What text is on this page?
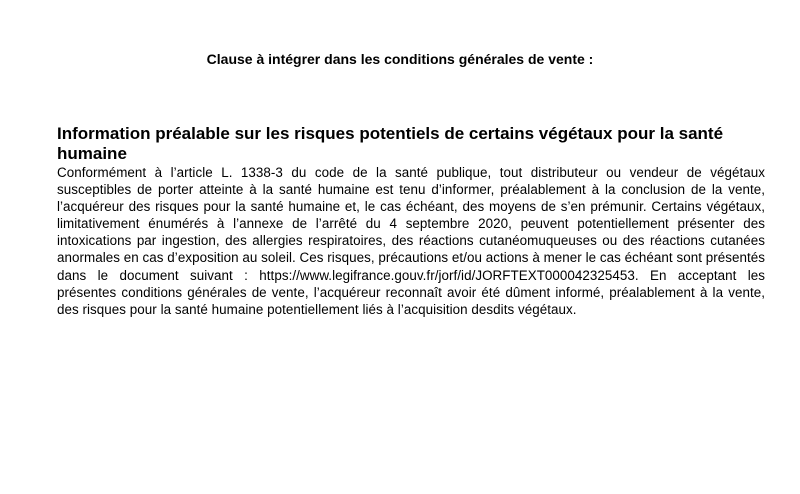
Clause à intégrer dans les conditions générales de vente :
Information préalable sur les risques potentiels de certains végétaux pour la santé humaine

Conformément à l’article L. 1338-3 du code de la santé publique, tout distributeur ou vendeur de végétaux susceptibles de porter atteinte à la santé humaine est tenu d’informer, préalablement à la conclusion de la vente, l’acquéreur des risques pour la santé humaine et, le cas échéant, des moyens de s’en prémunir. Certains végétaux, limitativement énumérés à l’annexe de l’arrêté du 4 septembre 2020, peuvent potentiellement présenter des intoxications par ingestion, des allergies respiratoires, des réactions cutanéomuqueuses ou des réactions cutanées anormales en cas d’exposition au soleil. Ces risques, précautions et/ou actions à mener le cas échéant sont présentés dans le document suivant : https://www.legifrance.gouv.fr/jorf/id/JORFTEXT000042325453. En acceptant les présentes conditions générales de vente, l’acquéreur reconnaît avoir été dûment informé, préalablement à la vente, des risques pour la santé humaine potentiellement liés à l’acquisition desdits végétaux.
